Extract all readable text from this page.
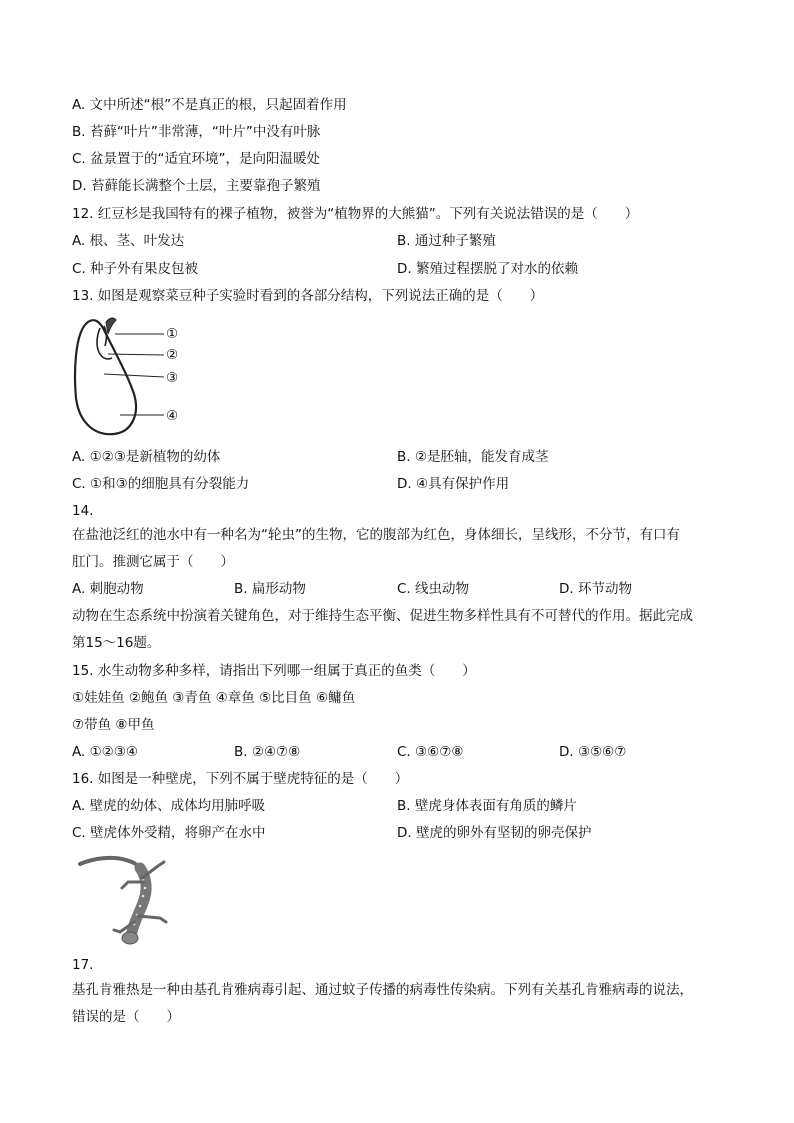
A. 文中所述“根”不是真正的根，只起固着作用
B. 苔藓“叶片”非常薄，“叶片”中没有叶脉
C. 盆景置于的“适宜环境”，是向阳温暖处
D. 苔藓能长满整个土层，主要靠孢子繁殖
12. 红豆杉是我国特有的裸子植物，被誉为“植物界的大熊猫”。下列有关说法错误的是（　　）
A. 根、茎、叶发达	B. 通过种子繁殖
C. 种子外有果皮包被	D. 繁殖过程摆脱了对水的依赖
13. 如图是观察菜豆种子实验时看到的各部分结构，下列说法正确的是（　　）
①
②
③
④
A. ①②③是新植物的幼体	B. ②是胚轴，能发育成茎
C. ①和③的细胞具有分裂能力	D. ④具有保护作用
14.
在盐池泛红的池水中有一种名为“轮虫”的生物，它的腹部为红色，身体细长，呈线形，不分节，有口有
肛门。推测它属于（　　）
A. 刺胞动物	B. 扁形动物	C. 线虫动物	D. 环节动物
动物在生态系统中扮演着关键角色，对于维持生态平衡、促进生物多样性具有不可替代的作用。据此完成
第15～16题。
15. 水生动物多种多样，请指出下列哪一组属于真正的鱼类（　　）
①娃娃鱼 ②鲍鱼 ③青鱼 ④章鱼 ⑤比目鱼 ⑥鳙鱼
⑦带鱼 ⑧甲鱼
A. ①②③④	B. ②④⑦⑧	C. ③⑥⑦⑧	D. ③⑤⑥⑦
16. 如图是一种壁虎，下列不属于壁虎特征的是（　　）
A. 壁虎的幼体、成体均用肺呼吸	B. 壁虎身体表面有角质的鳞片
C. 壁虎体外受精，将卵产在水中	D. 壁虎的卵外有坚韧的卵壳保护
17.
基孔肯雅热是一种由基孔肯雅病毒引起、通过蚊子传播的病毒性传染病。下列有关基孔肯雅病毒的说法，
错误的是（　　）
